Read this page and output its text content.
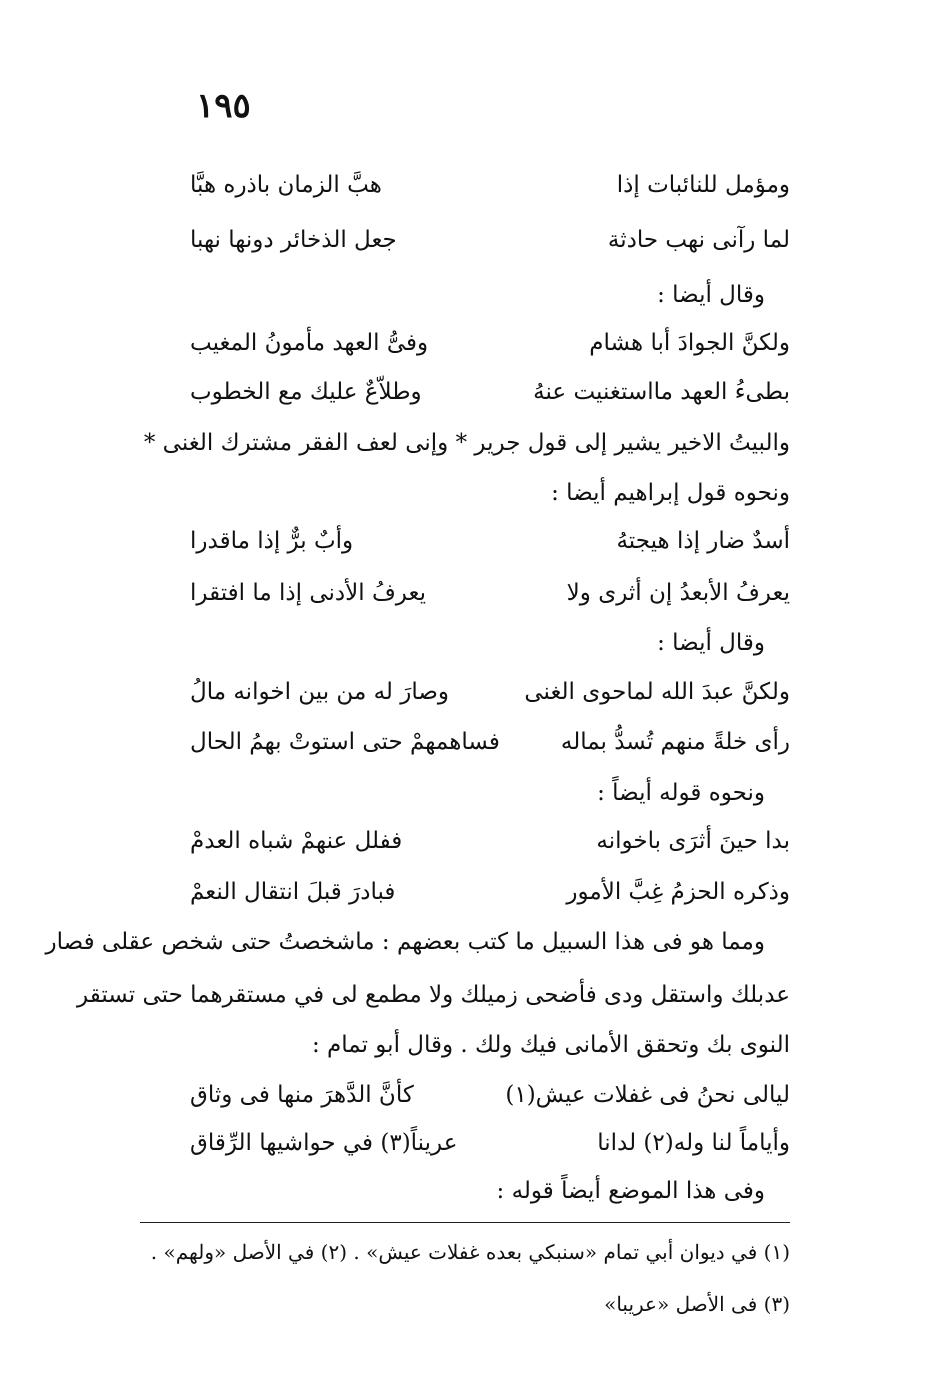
١٩٥
ومؤمل للنائبات إذا
هبَّ الزمان باذره هبَّا
لما رآنى نهب حادثة
جعل الذخائر دونها نهبا
وقال أيضا :
ولكنَّ الجوادَ أبا هشام
وفىُّ العهد مأمونُ المغيب
بطىءُ العهد مااستغنيت عنهُ
وطلاّعٌ عليك مع الخطوب
والبيتُ الاخير يشير إلى قول جرير * وإنى لعف الفقر مشترك الغنى *
ونحوه قول إبراهيم أيضا :
أسدٌ ضار إذا هيجتهُ
وأبٌ برٌّ إذا ماقدرا
يعرفُ الأبعدُ إن أثرى ولا
يعرفُ الأدنى إذا ما افتقرا
وقال أيضا :
ولكنَّ عبدَ الله لماحوى الغنى
وصارَ له من بين اخوانه مالُ
رأى خلةً منهم تُسدُّ بماله
فساهمهمْ حتى استوتْ بهمُ الحال
ونحوه قوله أيضاً :
بدا حينَ أثرَى باخوانه
ففلل عنهمْ شباه العدمْ
وذكره الحزمُ غِبَّ الأمور
فبادرَ قبلَ انتقال النعمْ
ومما هو فى هذا السبيل ما كتب بعضهم : ماشخصتُ حتى شخص عقلى فصار
عدبلك واستقل ودى فأضحى زميلك ولا مطمع لى في مستقرهما حتى تستقر
النوى بك وتحقق الأمانى فيك ولك . وقال أبو تمام :
ليالى نحنُ فى غفلات عيش(١)
كأنَّ الدَّهرَ منها فى وثاق
وأياماً لنا وله(٢) لدانا
عريناً(٣) في حواشيها الرِّقاق
وفى هذا الموضع أيضاً قوله :
(١) في ديوان أبي تمام «سنبكي بعده غفلات عيش» . (٢) في الأصل «ولهم» .
(٣) فى الأصل «عريبا»
